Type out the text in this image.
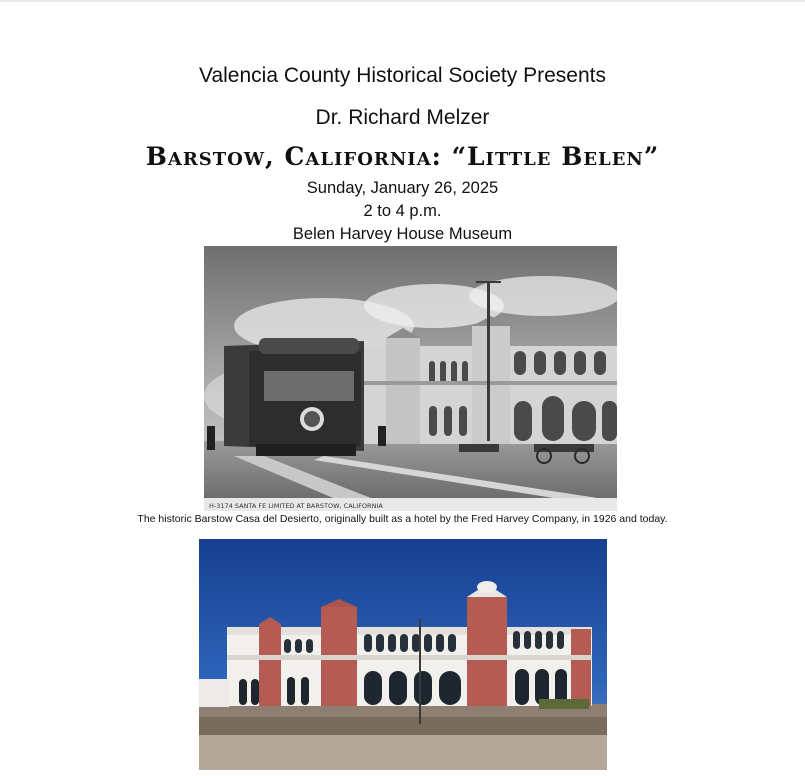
Valencia County Historical Society Presents
Dr. Richard Melzer
Barstow, California: “Little Belen”
Sunday, January 26, 2025
2 to 4 p.m.
Belen Harvey House Museum
H-3174 SANTA FE LIMITED AT BARSTOW, CALIFORNIA
The historic Barstow Casa del Desierto, originally built as a hotel by the Fred Harvey Company, in 1926 and today.
